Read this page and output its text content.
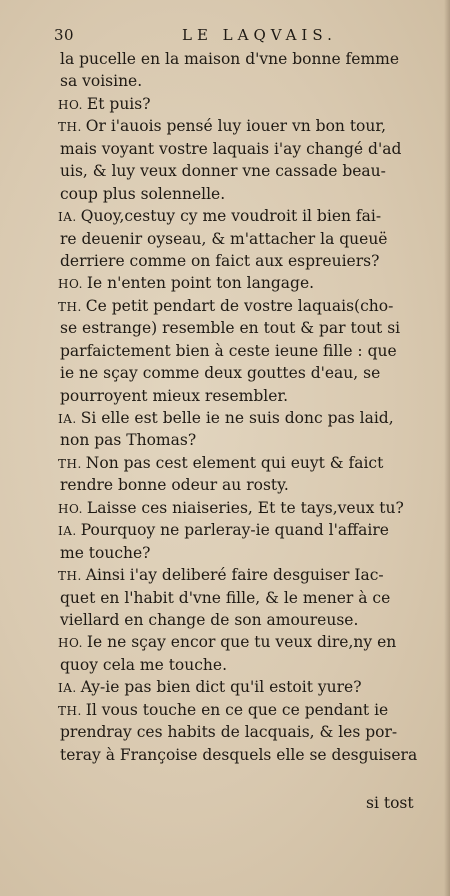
30	LE LAQVAIS.
la pucelle en la maison d'vne bonne femme
sa voisine.
HO. Et puis?
TH. Or i'auois pensé luy iouer vn bon tour,
mais voyant vostre laquais i'ay changé d'ad
uis, & luy veux donner vne cassade beau-
coup plus solennelle.
IA. Quoy,cestuy cy me voudroit il bien fai-
re deuenir oyseau, & m'attacher la queuë
derriere comme on faict aux espreuiers?
HO. Ie n'enten point ton langage.
TH. Ce petit pendart de vostre laquais(cho-
se estrange) resemble en tout & par tout si
parfaictement bien à ceste ieune fille : que
ie ne sçay comme deux gouttes d'eau, se
pourroyent mieux resembler.
IA. Si elle est belle ie ne suis donc pas laid,
non pas Thomas?
TH. Non pas cest element qui euyt & faict
rendre bonne odeur au rosty.
HO. Laisse ces niaiseries, Et te tays,veux tu?
IA. Pourquoy ne parleray-ie quand l'affaire
me touche?
TH. Ainsi i'ay deliberé faire desguiser Iac-
quet en l'habit d'vne fille, & le mener à ce
viellard en change de son amoureuse.
HO. Ie ne sçay encor que tu veux dire,ny en
quoy cela me touche.
IA. Ay-ie pas bien dict qu'il estoit yure?
TH. Il vous touche en ce que ce pendant ie
prendray ces habits de lacquais, & les por-
teray à Françoise desquels elle se desguisera
si tost
